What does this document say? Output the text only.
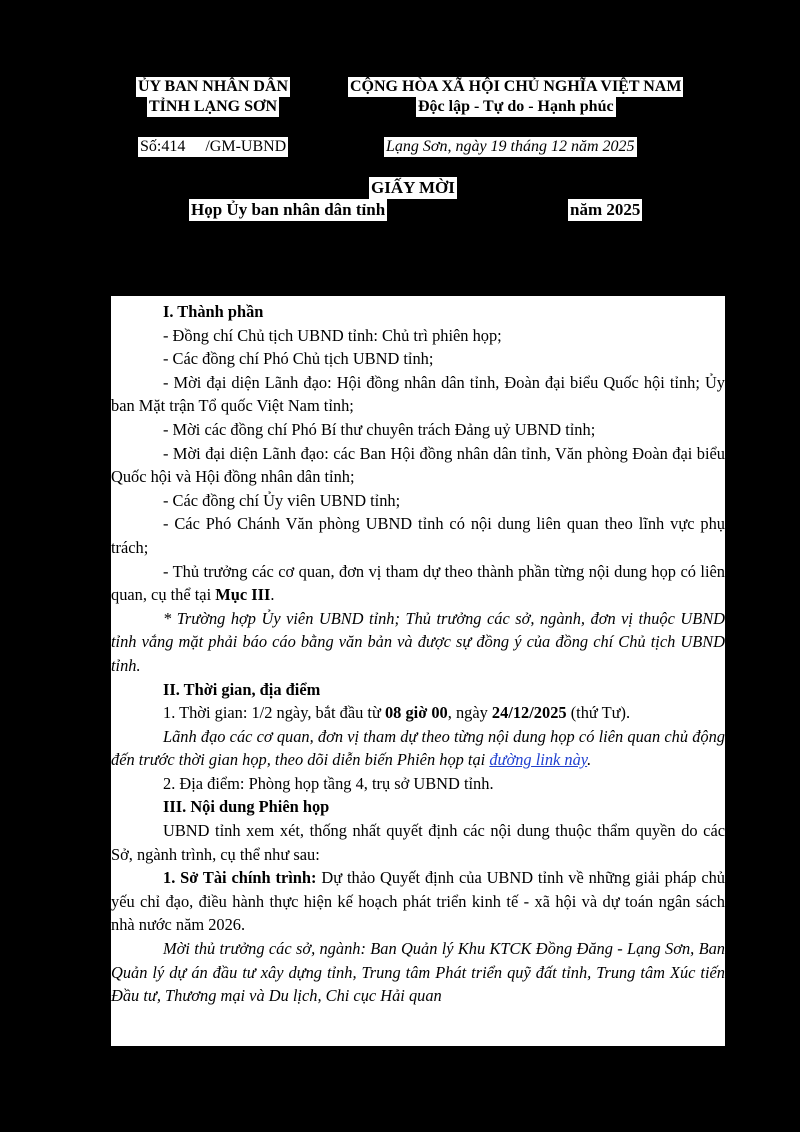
ỦY BAN NHÂN DÂN
TỈNH LẠNG SƠN
CỘNG HÒA XÃ HỘI CHỦ NGHĨA VIỆT NAM
Độc lập - Tự do - Hạnh phúc
Số:414     /GM-UBND	Lạng Sơn, ngày 19 tháng 12 năm 2025
GIẤY MỜI
Họp Ủy ban nhân dân tỉnh	năm 2025

I. Thành phần

- Đồng chí Chủ tịch UBND tỉnh: Chủ trì phiên họp;

- Các đồng chí Phó Chủ tịch UBND tỉnh;

- Mời đại diện Lãnh đạo: Hội đồng nhân dân tỉnh, Đoàn đại biểu Quốc hội tỉnh; Ủy ban Mặt trận Tổ quốc Việt Nam tỉnh;

- Mời các đồng chí Phó Bí thư chuyên trách Đảng uỷ UBND tỉnh;

- Mời đại diện Lãnh đạo: các Ban Hội đồng nhân dân tỉnh, Văn phòng Đoàn đại biểu Quốc hội và Hội đồng nhân dân tỉnh;

- Các đồng chí Ủy viên UBND tỉnh;

- Các Phó Chánh Văn phòng UBND tỉnh có nội dung liên quan theo lĩnh vực phụ trách;

- Thủ trưởng các cơ quan, đơn vị tham dự theo thành phần từng nội dung họp có liên quan, cụ thể tại Mục III.

* Trường hợp Ủy viên UBND tỉnh; Thủ trưởng các sở, ngành, đơn vị thuộc UBND tỉnh vắng mặt phải báo cáo bằng văn bản và được sự đồng ý của đồng chí Chủ tịch UBND tỉnh.

II. Thời gian, địa điểm

1. Thời gian: 1/2 ngày, bắt đầu từ 08 giờ 00, ngày 24/12/2025 (thứ Tư).

Lãnh đạo các cơ quan, đơn vị tham dự theo từng nội dung họp có liên quan chủ động đến trước thời gian họp, theo dõi diễn biến Phiên họp tại đường link này.

2. Địa điểm: Phòng họp tầng 4, trụ sở UBND tỉnh.

III. Nội dung Phiên họp

UBND tỉnh xem xét, thống nhất quyết định các nội dung thuộc thẩm quyền do các Sở, ngành trình, cụ thể như sau:

1. Sở Tài chính trình: Dự thảo Quyết định của UBND tỉnh về những giải pháp chủ yếu chỉ đạo, điều hành thực hiện kế hoạch phát triển kinh tế - xã hội và dự toán ngân sách nhà nước năm 2026.

Mời thủ trưởng các sở, ngành: Ban Quản lý Khu KTCK Đồng Đăng - Lạng Sơn, Ban Quản lý dự án đầu tư xây dựng tỉnh, Trung tâm Phát triển quỹ đất tỉnh, Trung tâm Xúc tiến Đầu tư, Thương mại và Du lịch, Chi cục Hải quan
